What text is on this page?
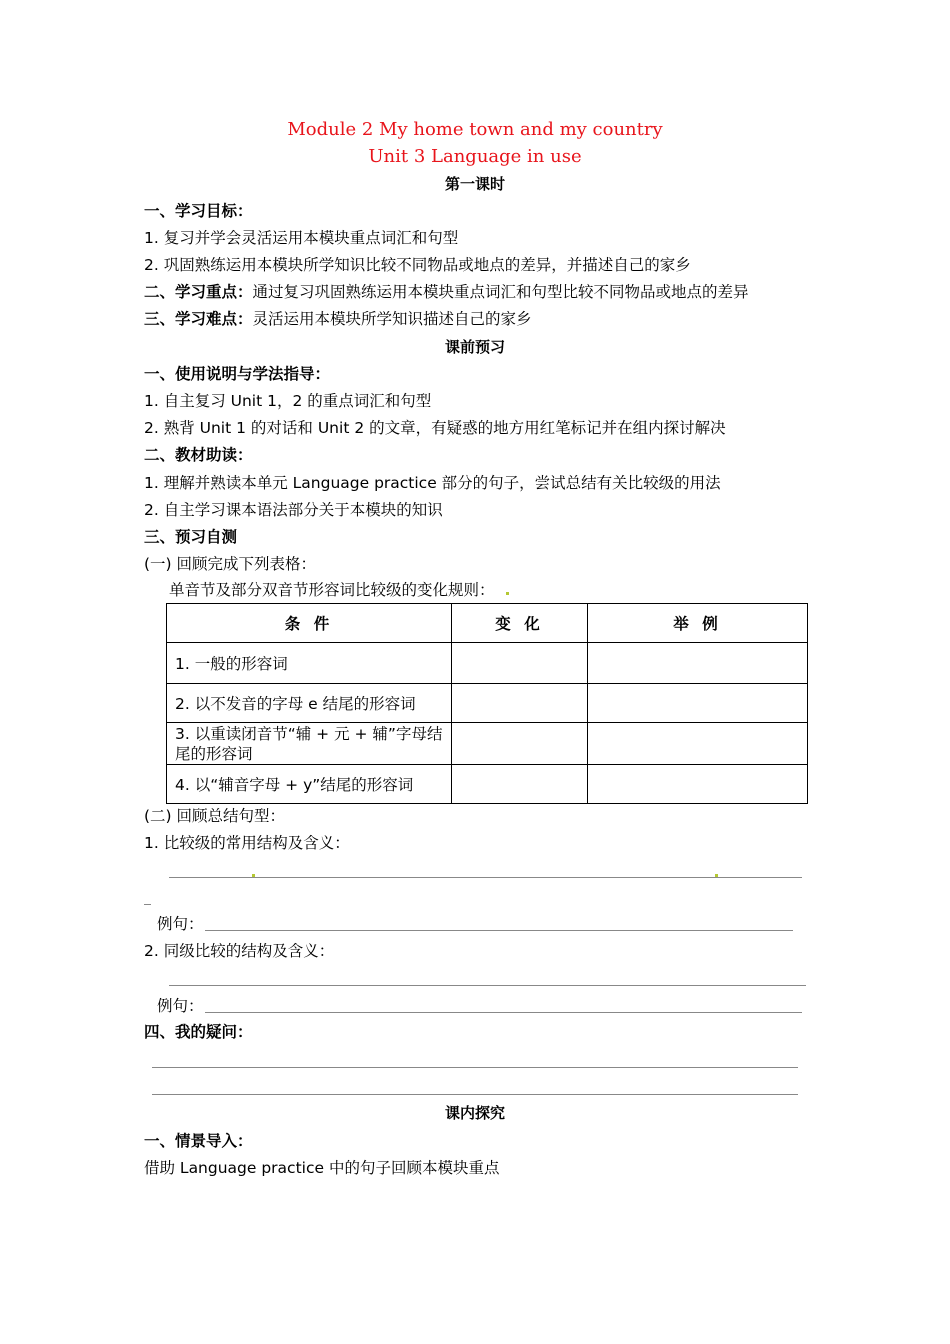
Module 2 My home town and my country
Unit 3 Language in use
第一课时
一、学习目标：
1. 复习并学会灵活运用本模块重点词汇和句型
2. 巩固熟练运用本模块所学知识比较不同物品或地点的差异，并描述自己的家乡
二、学习重点：通过复习巩固熟练运用本模块重点词汇和句型比较不同物品或地点的差异
三、学习难点：灵活运用本模块所学知识描述自己的家乡
课前预习
一、使用说明与学法指导：
1. 自主复习 Unit 1，2 的重点词汇和句型
2. 熟背 Unit 1 的对话和 Unit 2 的文章，有疑惑的地方用红笔标记并在组内探讨解决
二、教材助读：
1. 理解并熟读本单元 Language practice 部分的句子，尝试总结有关比较级的用法
2. 自主学习课本语法部分关于本模块的知识
三、预习自测
(一) 回顾完成下列表格：
单音节及部分双音节形容词比较级的变化规则：
条 件	变 化	举 例
1. 一般的形容词		
2. 以不发音的字母 e 结尾的形容词		
3. 以重读闭音节“辅 + 元 + 辅”字母结尾的形容词		
4. 以“辅音字母 + y”结尾的形容词		
(二) 回顾总结句型：
1. 比较级的常用结构及含义：
例句：
2. 同级比较的结构及含义：
例句：
四、我的疑问：
课内探究
一、情景导入：
借助 Language practice 中的句子回顾本模块重点
